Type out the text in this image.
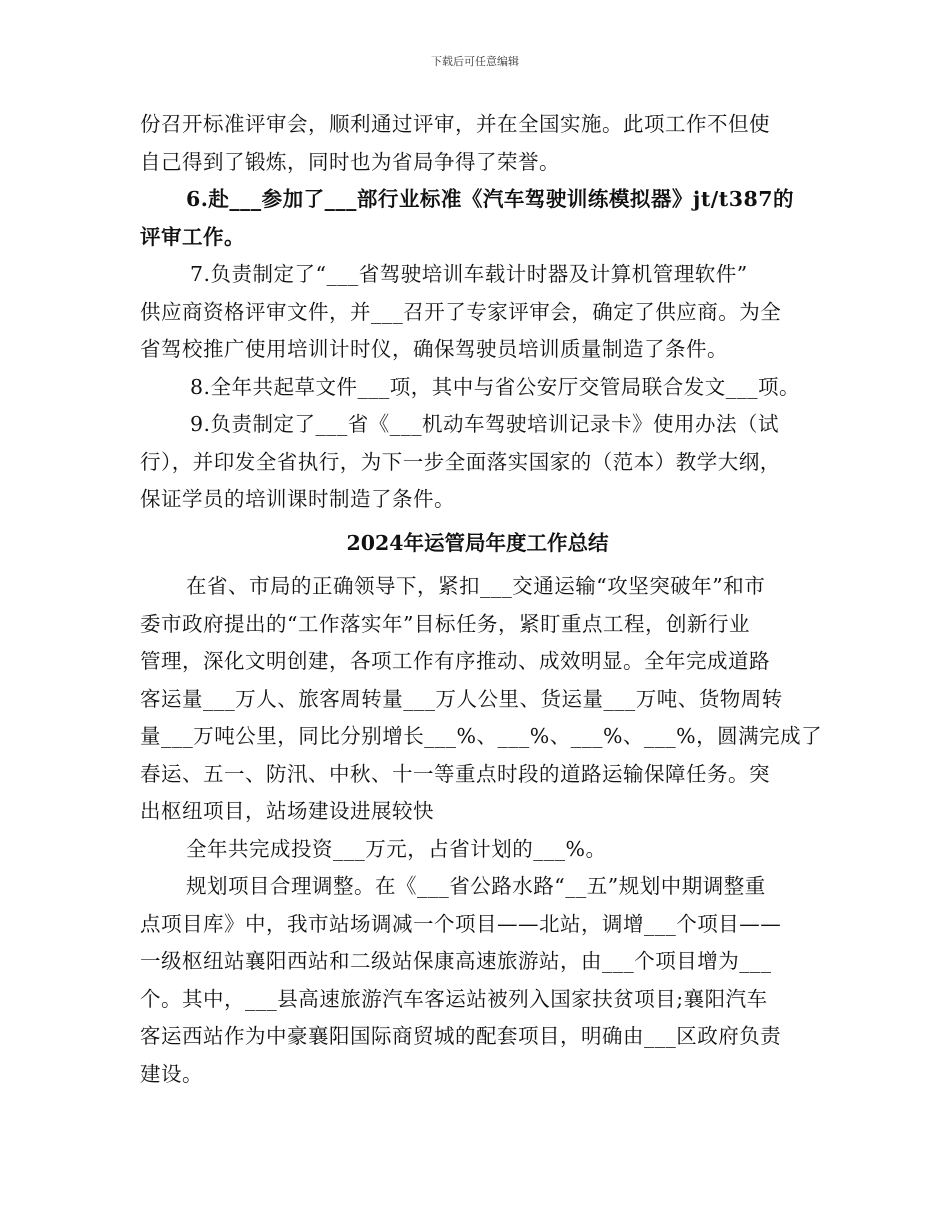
下载后可任意编辑
份召开标准评审会，顺利通过评审，并在全国实施。此项工作不但使
自己得到了锻炼，同时也为省局争得了荣誉。
6.赴___参加了___部行业标准《汽车驾驶训练模拟器》jt/t387的
评审工作。
7.负责制定了“___省驾驶培训车载计时器及计算机管理软件”
供应商资格评审文件，并___召开了专家评审会，确定了供应商。为全
省驾校推广使用培训计时仪，确保驾驶员培训质量制造了条件。
8.全年共起草文件___项，其中与省公安厅交管局联合发文___项。
9.负责制定了___省《___机动车驾驶培训记录卡》使用办法（试
行），并印发全省执行，为下一步全面落实国家的（范本）教学大纲，
保证学员的培训课时制造了条件。
2024年运管局年度工作总结
在省、市局的正确领导下，紧扣___交通运输“攻坚突破年”和市
委市政府提出的“工作落实年”目标任务，紧盯重点工程，创新行业
管理，深化文明创建，各项工作有序推动、成效明显。全年完成道路
客运量___万人、旅客周转量___万人公里、货运量___万吨、货物周转
量___万吨公里，同比分别增长___%、___%、___%、___%，圆满完成了
春运、五一、防汛、中秋、十一等重点时段的道路运输保障任务。突
出枢纽项目，站场建设进展较快
全年共完成投资___万元，占省计划的___%。
规划项目合理调整。在《___省公路水路“__五”规划中期调整重
点项目库》中，我市站场调减一个项目——北站，调增___个项目——
一级枢纽站襄阳西站和二级站保康高速旅游站，由___个项目增为___
个。其中，___县高速旅游汽车客运站被列入国家扶贫项目;襄阳汽车
客运西站作为中豪襄阳国际商贸城的配套项目，明确由___区政府负责
建设。
